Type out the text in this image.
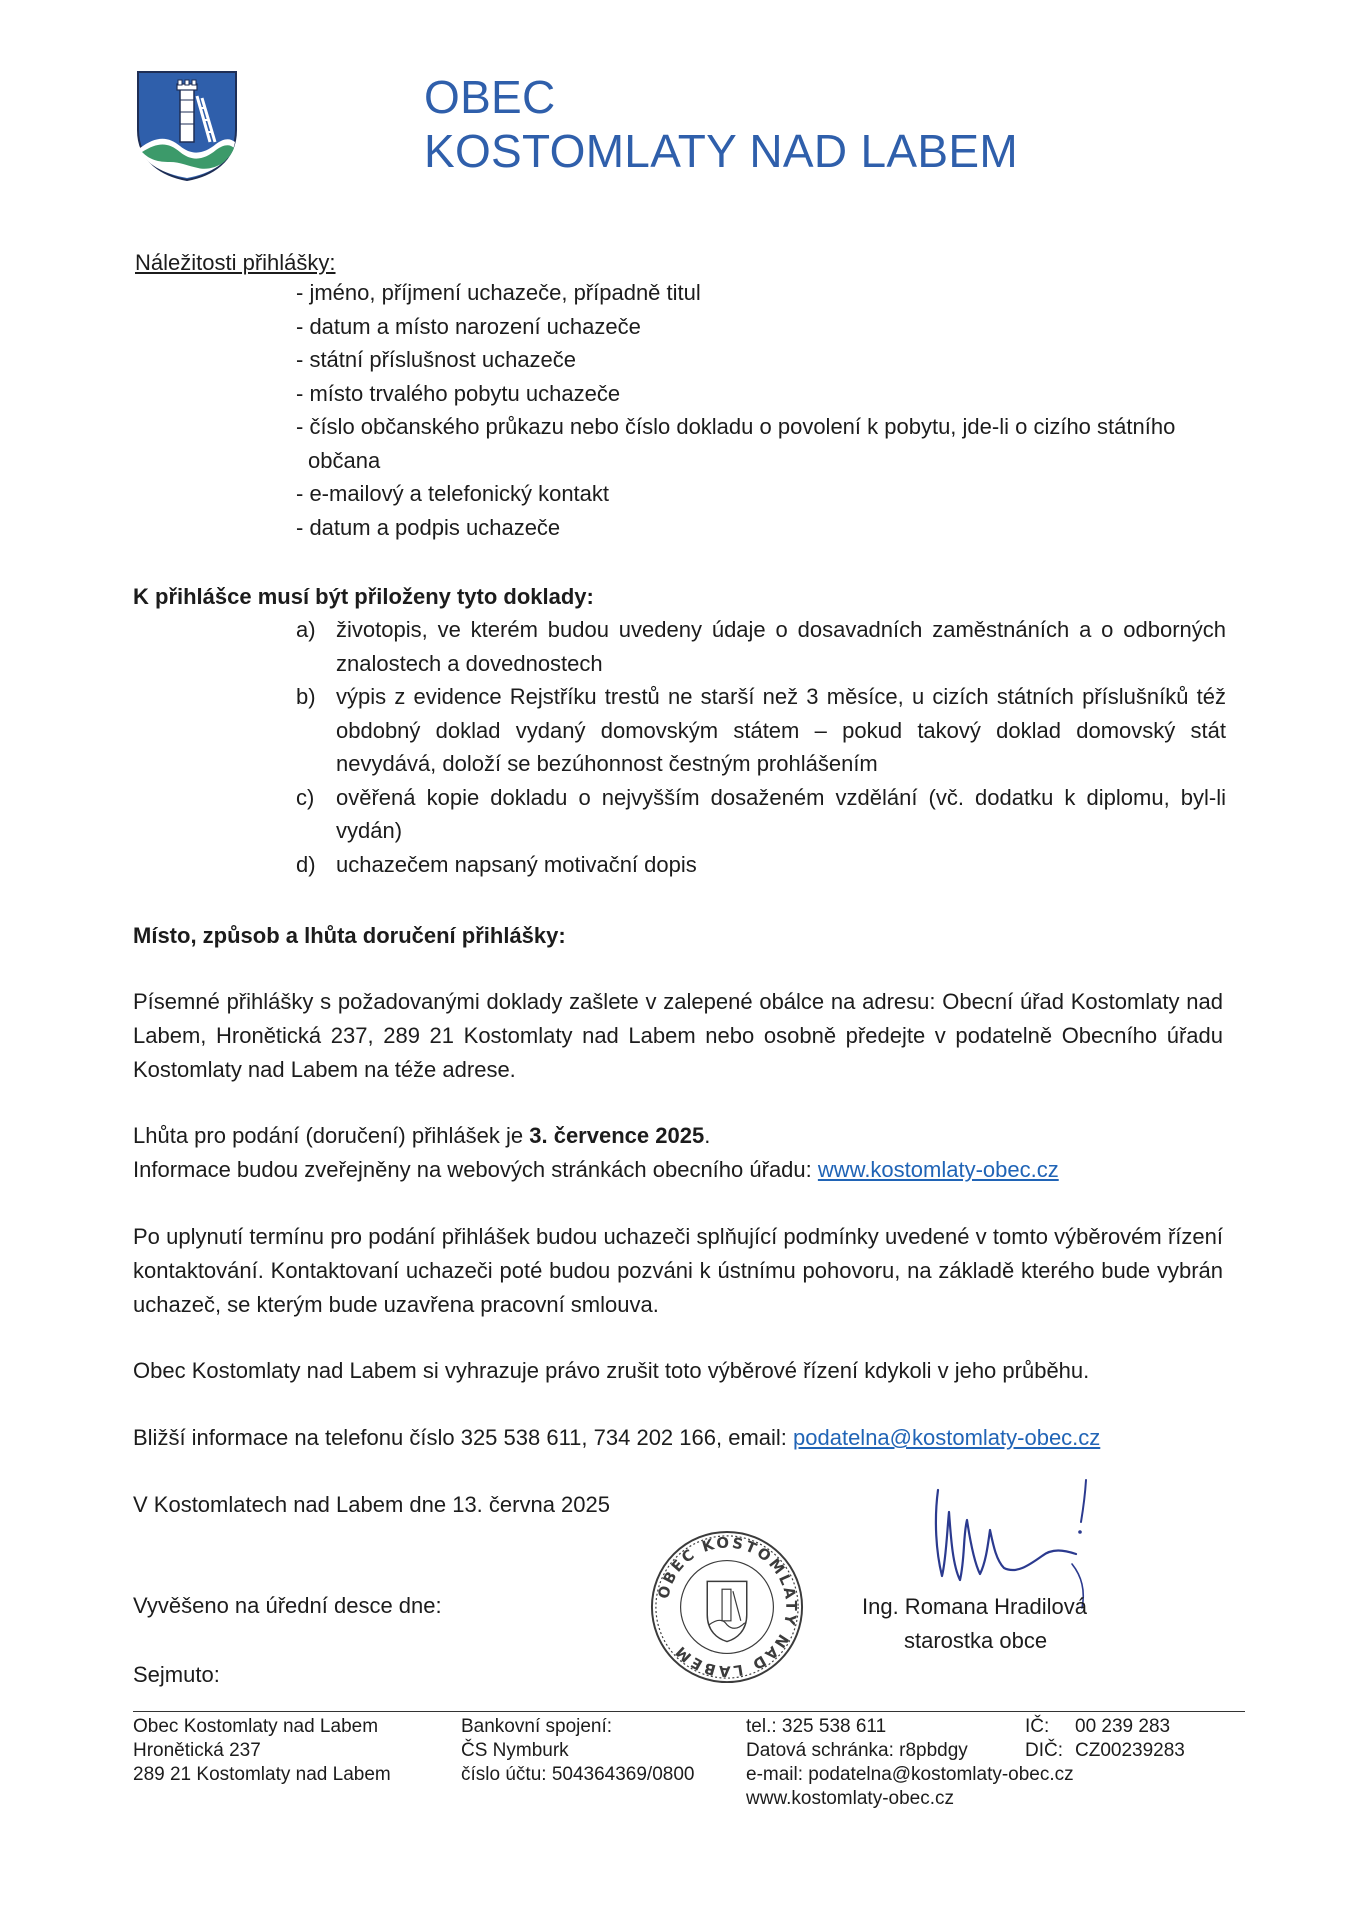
OBEC
KOSTOMLATY NAD LABEM
Náležitosti přihlášky:
- jméno, příjmení uchazeče, případně titul
- datum a místo narození uchazeče
- státní příslušnost uchazeče
- místo trvalého pobytu uchazeče
- číslo občanského průkazu nebo číslo dokladu o povolení k pobytu, jde-li o cizího státního
občana
- e-mailový a telefonický kontakt
- datum a podpis uchazeče
K přihlášce musí být přiloženy tyto doklady:
a) životopis, ve kterém budou uvedeny údaje o dosavadních zaměstnáních a o odborných znalostech a dovednostech
b) výpis z evidence Rejstříku trestů ne starší než 3 měsíce, u cizích státních příslušníků též obdobný doklad vydaný domovským státem – pokud takový doklad domovský stát nevydává, doloží se bezúhonnost čestným prohlášením
c) ověřená kopie dokladu o nejvyšším dosaženém vzdělání (vč. dodatku k diplomu, byl-li vydán)
d) uchazečem napsaný motivační dopis
Místo, způsob a lhůta doručení přihlášky:
Písemné přihlášky s požadovanými doklady zašlete v zalepené obálce na adresu: Obecní úřad Kostomlaty nad Labem, Hronětická 237, 289 21 Kostomlaty nad Labem nebo osobně předejte v podatelně Obecního úřadu Kostomlaty nad Labem na téže adrese.
Lhůta pro podání (doručení) přihlášek je 3. července 2025.
Informace budou zveřejněny na webových stránkách obecního úřadu: www.kostomlaty-obec.cz
Po uplynutí termínu pro podání přihlášek budou uchazeči splňující podmínky uvedené v tomto výběrovém řízení kontaktování. Kontaktovaní uchazeči poté budou pozváni k ústnímu pohovoru, na základě kterého bude vybrán uchazeč, se kterým bude uzavřena pracovní smlouva.
Obec Kostomlaty nad Labem si vyhrazuje právo zrušit toto výběrové řízení kdykoli v jeho průběhu.
Bližší informace na telefonu číslo 325 538 611, 734 202 166, email: podatelna@kostomlaty-obec.cz
V Kostomlatech nad Labem dne 13. června 2025
Vyvěšeno na úřední desce dne:
Sejmuto:
OBEC KOSTOMLATY NAD LABEM
Ing. Romana Hradilová
starostka obce
Obec Kostomlaty nad Labem
Hronětická 237
289 21 Kostomlaty nad Labem
Bankovní spojení:
ČS Nymburk
číslo účtu: 504364369/0800
tel.: 325 538 611
Datová schránka: r8pbdgy
e-mail: podatelna@kostomlaty-obec.cz
www.kostomlaty-obec.cz
IČ: 00 239 283
DIČ: CZ00239283
